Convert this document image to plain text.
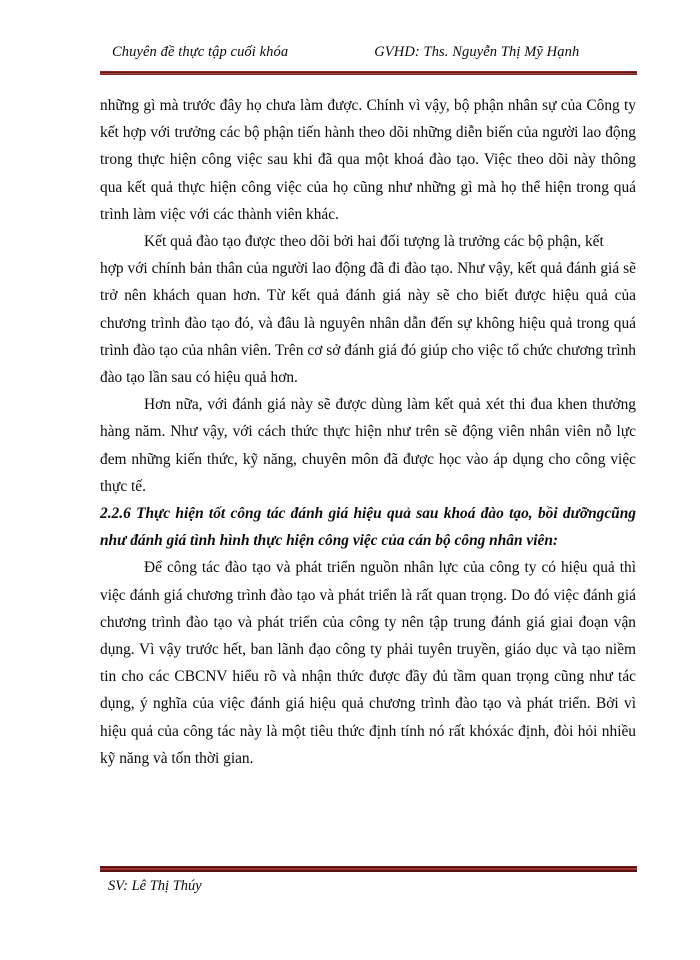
Chuyên đề thực tập cuối khóa	GVHD: Ths. Nguyễn Thị Mỹ Hạnh

những gì mà trước đây họ chưa làm được. Chính vì vậy, bộ phận nhân sự của Công ty kết hợp với trưởng các bộ phận tiến hành theo dõi những diễn biến của người lao động trong thực hiện công việc sau khi đã qua một khoá đào tạo. Việc theo dõi này thông qua kết quả thực hiện công việc của họ cũng như những gì mà họ thể hiện trong quá trình làm việc với các thành viên khác.

Kết quả đào tạo được theo dõi bởi hai đối tượng là trưởng các bộ phận, kết

hợp với chính bản thân của người lao động đã đi đào tạo. Như vậy, kết quả đánh giá sẽ trở nên khách quan hơn. Từ kết quả đánh giá này sẽ cho biết được hiệu quả của chương trình đào tạo đó, và đâu là nguyên nhân dẫn đến sự không hiệu quả trong quá trình đào tạo của nhân viên. Trên cơ sở đánh giá đó giúp cho việc tổ chức chương trình đào tạo lần sau có hiệu quả hơn.

Hơn nữa, với đánh giá này sẽ được dùng làm kết quả xét thi đua khen thưởng hàng năm. Như vậy, với cách thức thực hiện như trên sẽ động viên nhân viên nỗ lực đem những kiến thức, kỹ năng, chuyên môn đã được học vào áp dụng cho công việc thực tế.

2.2.6 Thực hiện tốt công tác đánh giá hiệu quả sau khoá đào tạo, bồi dưỡngcũng như đánh giá tình hình thực hiện công việc của cán bộ công nhân viên:

Để công tác đào tạo và phát triển nguồn nhân lực của công ty có hiệu quả thì việc đánh giá chương trình đào tạo và phát triển là rất quan trọng. Do đó việc đánh giá chương trình đào tạo và phát triển của công ty nên tập trung đánh giá giai đoạn vận dụng. Vì vậy trước hết, ban lãnh đạo công ty phải tuyên truyền, giáo dục và tạo niềm tin cho các CBCNV hiểu rõ và nhận thức được đầy đủ tầm quan trọng cũng như tác dụng, ý nghĩa của việc đánh giá hiệu quả chương trình đào tạo và phát triển. Bởi vì hiệu quả của công tác này là một tiêu thức định tính nó rất khóxác định, đòi hỏi nhiều kỹ năng và tốn thời gian.

SV: Lê Thị Thúy
